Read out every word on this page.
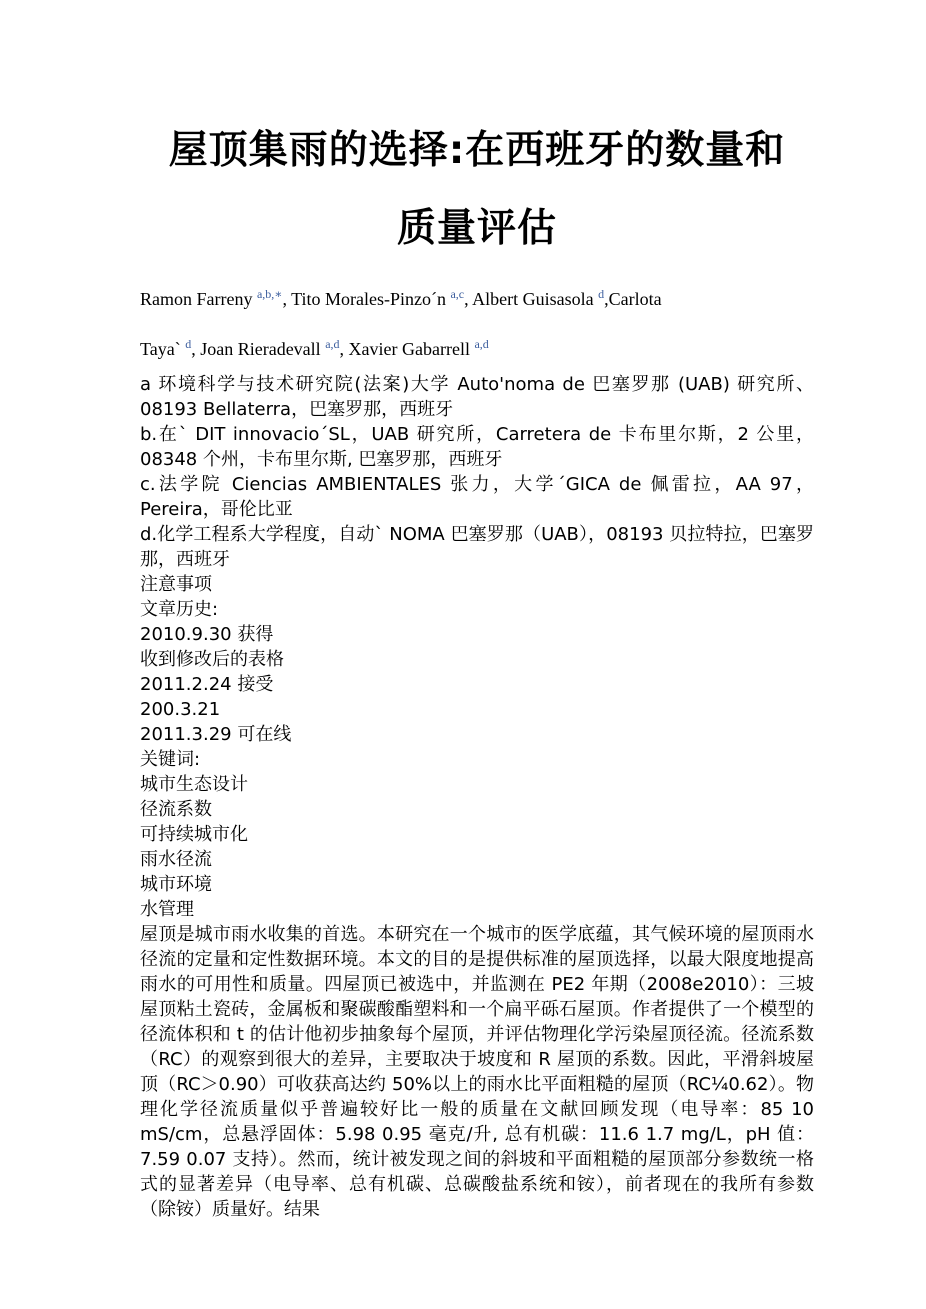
屋顶集雨的选择:在西班牙的数量和
质量评估

Ramon Farreny $^{a,b,∗}$, Tito Morales-Pinzo´n $^{a,c}$, Albert Guisasola $^d$,Carlota

Taya` $^d$, Joan Rieradevall $^{a,d}$, Xavier Gabarrell $^{a,d}$

a 环境科学与技术研究院(法案)大学 Auto'noma de 巴塞罗那 (UAB) 研究所、 08193 Bellaterra，巴塞罗那，西班牙

b.在` DIT innovacio´SL，UAB 研究所，Carretera de 卡布里尔斯，2 公里，08348 个州，卡布里尔斯, 巴塞罗那，西班牙

c.法学院 Ciencias AMBIENTALES 张力，大学´GICA de 佩雷拉，AA 97，Pereira，哥伦比亚

d.化学工程系大学程度，自动` NOMA 巴塞罗那（UAB），08193 贝拉特拉，巴塞罗那，西班牙

注意事项
文章历史:
2010.9.30 获得
收到修改后的表格
2011.2.24 接受
200.3.21
2011.3.29 可在线
关键词:
城市生态设计
径流系数
可持续城市化
雨水径流
城市环境
水管理

屋顶是城市雨水收集的首选。本研究在一个城市的医学底蕴，其气候环境的屋顶雨水径流的定量和定性数据环境。本文的目的是提供标准的屋顶选择，以最大限度地提高雨水的可用性和质量。四屋顶已被选中，并监测在 PE2 年期（2008e2010）：三坡屋顶粘土瓷砖，金属板和聚碳酸酯塑料和一个扁平砾石屋顶。作者提供了一个模型的径流体积和 t 的估计他初步抽象每个屋顶，并评估物理化学污染屋顶径流。径流系数（RC）的观察到很大的差异，主要取决于坡度和 R 屋顶的系数。因此，平滑斜坡屋顶（RC＞0.90）可收获高达约 50%以上的雨水比平面粗糙的屋顶（RC¼0.62）。物理化学径流质量似乎普遍较好比一般的质量在文献回顾发现（电导率：85 10 mS/cm，总悬浮固体：5.98 0.95 毫克/升, 总有机碳：11.6 1.7 mg/L，pH 值：7.59 0.07 支持）。然而，统计被发现之间的斜坡和平面粗糙的屋顶部分参数统一格式的显著差异（电导率、总有机碳、总碳酸盐系统和铵），前者现在的我所有参数（除铵）质量好。结果
